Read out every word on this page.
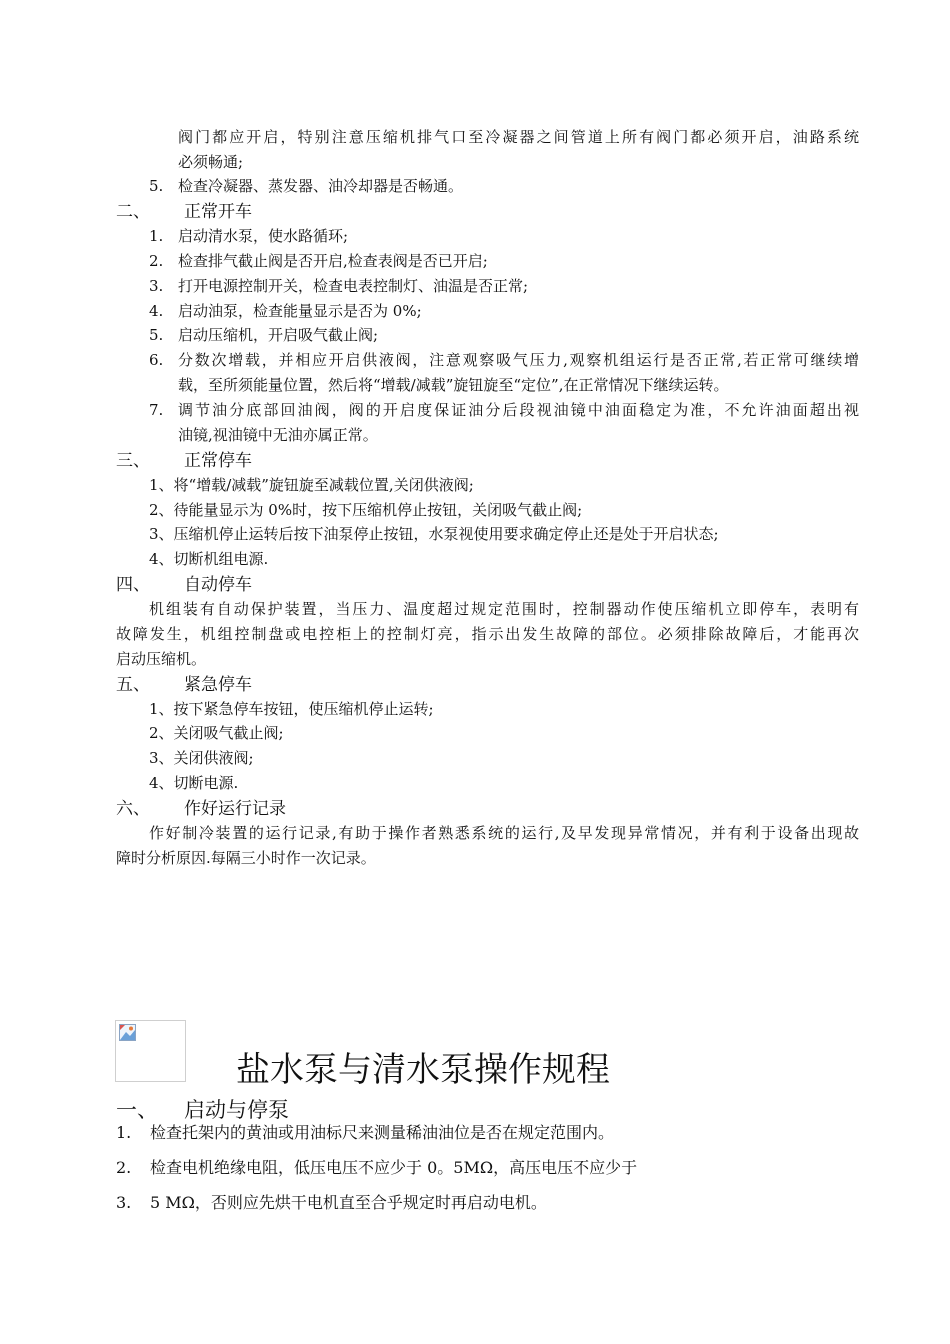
阀门都应开启，特别注意压缩机排气口至冷凝器之间管道上所有阀门都必须开启，油路系统
必须畅通;
5. 检查冷凝器、蒸发器、油冷却器是否畅通。
二、 正常开车
1. 启动清水泵，使水路循环;
2. 检查排气截止阀是否开启,检查表阀是否已开启;
3. 打开电源控制开关，检查电表控制灯、油温是否正常;
4. 启动油泵，检查能量显示是否为 0%;
5. 启动压缩机，开启吸气截止阀;
6. 分数次增载，并相应开启供液阀，注意观察吸气压力,观察机组运行是否正常,若正常可继续增
载，至所须能量位置，然后将“增载/减载”旋钮旋至“定位”,在正常情况下继续运转。
7. 调节油分底部回油阀，阀的开启度保证油分后段视油镜中油面稳定为准，不允许油面超出视
油镜,视油镜中无油亦属正常。
三、 正常停车
1、将“增载/减载”旋钮旋至减载位置,关闭供液阀;
2、待能量显示为 0%时，按下压缩机停止按钮，关闭吸气截止阀;
3、压缩机停止运转后按下油泵停止按钮，水泵视使用要求确定停止还是处于开启状态;
4、切断机组电源.
四、 自动停车
机组装有自动保护装置，当压力、温度超过规定范围时，控制器动作使压缩机立即停车，表明有
故障发生，机组控制盘或电控柜上的控制灯亮，指示出发生故障的部位。必须排除故障后，才能再次
启动压缩机。
五、 紧急停车
1、按下紧急停车按钮，使压缩机停止运转;
2、关闭吸气截止阀;
3、关闭供液阀;
4、切断电源.
六、 作好运行记录
作好制冷装置的运行记录,有助于操作者熟悉系统的运行,及早发现异常情况，并有利于设备出现故
障时分析原因.每隔三小时作一次记录。
盐水泵与清水泵操作规程
一、 启动与停泵
1. 检查托架内的黄油或用油标尺来测量稀油油位是否在规定范围内。
2. 检查电机绝缘电阻，低压电压不应少于 0。5MΩ，高压电压不应少于
3. 5 MΩ，否则应先烘干电机直至合乎规定时再启动电机。
